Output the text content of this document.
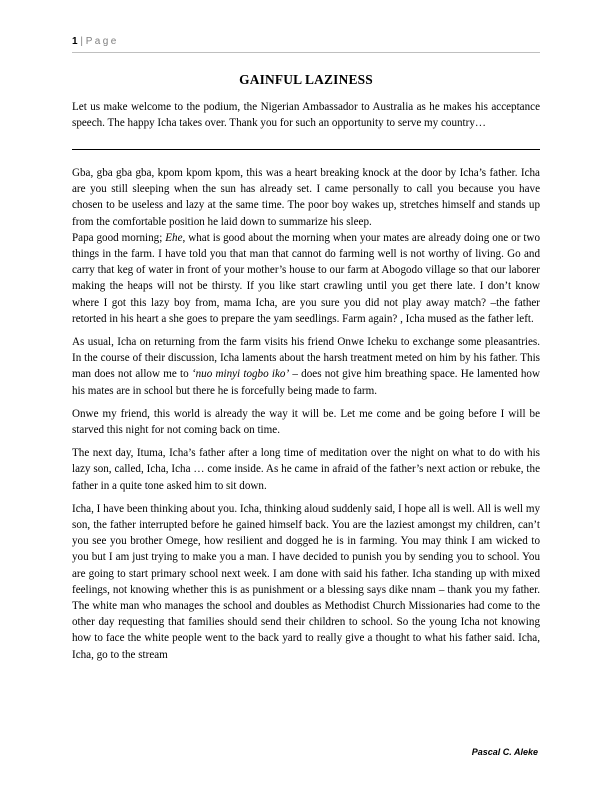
1 | Page
GAINFUL LAZINESS
Let us make welcome to the podium, the Nigerian Ambassador to Australia as he makes his acceptance speech. The happy Icha takes over. Thank you for such an opportunity to serve my country…

Gba, gba gba gba, kpom kpom kpom, this was a heart breaking knock at the door by Icha’s father. Icha are you still sleeping when the sun has already set. I came personally to call you because you have chosen to be useless and lazy at the same time. The poor boy wakes up, stretches himself and stands up from the comfortable position he laid down to summarize his sleep.

Papa good morning; Ehe, what is good about the morning when your mates are already doing one or two things in the farm. I have told you that man that cannot do farming well is not worthy of living. Go and carry that keg of water in front of your mother’s house to our farm at Abogodo village so that our laborer making the heaps will not be thirsty. If you like start crawling until you get there late. I don’t know where I got this lazy boy from, mama Icha, are you sure you did not play away match? –the father retorted in his heart a she goes to prepare the yam seedlings. Farm again? , Icha mused as the father left.

As usual, Icha on returning from the farm visits his friend Onwe Icheku to exchange some pleasantries. In the course of their discussion, Icha laments about the harsh treatment meted on him by his father. This man does not allow me to ‘nuo minyi togbo iko’ – does not give him breathing space. He lamented how his mates are in school but there he is forcefully being made to farm.

Onwe my friend, this world is already the way it will be. Let me come and be going before I will be starved this night for not coming back on time.

The next day, Ituma, Icha’s father after a long time of meditation over the night on what to do with his lazy son, called, Icha, Icha … come inside. As he came in afraid of the father’s next action or rebuke, the father in a quite tone asked him to sit down.

Icha, I have been thinking about you. Icha, thinking aloud suddenly said, I hope all is well. All is well my son, the father interrupted before he gained himself back. You are the laziest amongst my children, can’t you see you brother Omege, how resilient and dogged he is in farming. You may think I am wicked to you but I am just trying to make you a man. I have decided to punish you by sending you to school. You are going to start primary school next week. I am done with said his father. Icha standing up with mixed feelings, not knowing whether this is as punishment or a blessing says dike nnam – thank you my father. The white man who manages the school and doubles as Methodist Church Missionaries had come to the other day requesting that families should send their children to school. So the young Icha not knowing how to face the white people went to the back yard to really give a thought to what his father said. Icha, Icha, go to the stream

Pascal C. Aleke
